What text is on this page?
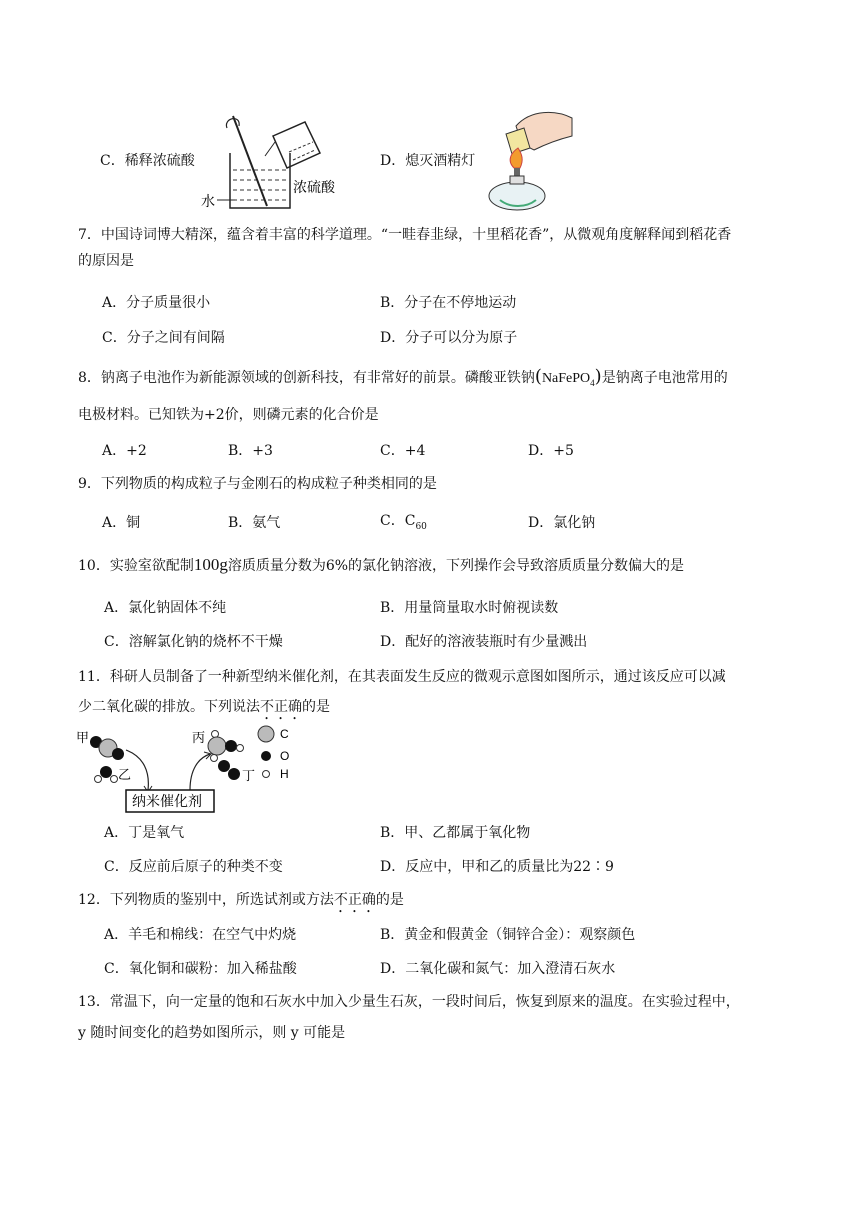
C．稀释浓硫酸
水
浓硫酸
D．熄灭酒精灯
7．中国诗词博大精深，蕴含着丰富的科学道理。“一畦春韭绿，十里稻花香”，从微观角度解释闻到稻花香
的原因是
A．分子质量很小	B．分子在不停地运动
C．分子之间有间隔	D．分子可以分为原子
8．钠离子电池作为新能源领域的创新科技，有非常好的前景。磷酸亚铁钠(NaFePO$_4$)是钠离子电池常用的
电极材料。已知铁为+2价，则磷元素的化合价是
A．+2	B．+3	C．+4	D．+5
9．下列物质的构成粒子与金刚石的构成粒子种类相同的是
A．铜	B．氨气	C．$C_{60}$	D．氯化钠
10．实验室欲配制100g溶质质量分数为6%的氯化钠溶液，下列操作会导致溶质质量分数偏大的是
A．氯化钠固体不纯	B．用量筒量取水时俯视读数
C．溶解氯化钠的烧杯不干燥	D．配好的溶液装瓶时有少量溅出
11．科研人员制备了一种新型纳米催化剂，在其表面发生反应的微观示意图如图所示，通过该反应可以减
少二氧化碳的排放。下列说法不正确的是
甲
乙
纳米催化剂
丙
丁
C
O
H
A．丁是氧气	B．甲、乙都属于氧化物
C．反应前后原子的种类不变	D．反应中，甲和乙的质量比为22∶9
12．下列物质的鉴别中，所选试剂或方法不正确的是
A．羊毛和棉线：在空气中灼烧	B．黄金和假黄金（铜锌合金）：观察颜色
C．氧化铜和碳粉：加入稀盐酸	D．二氧化碳和氮气：加入澄清石灰水
13．常温下，向一定量的饱和石灰水中加入少量生石灰，一段时间后，恢复到原来的温度。在实验过程中，
y 随时间变化的趋势如图所示，则 y 可能是
